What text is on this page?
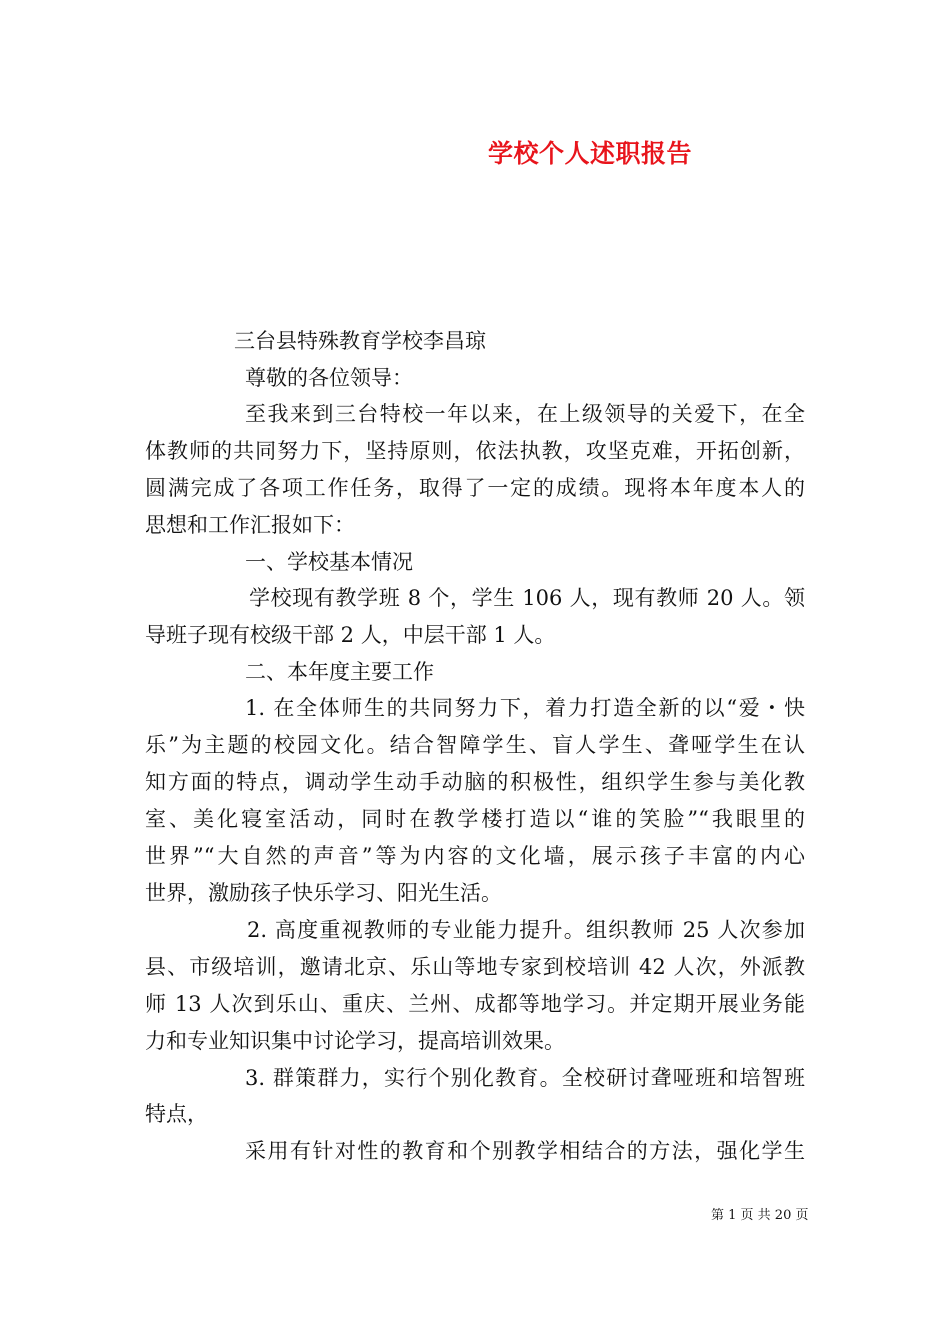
学校个人述职报告
三台县特殊教育学校李昌琼
尊敬的各位领导：
至我来到三台特校一年以来，在上级领导的关爱下，在全
体教师的共同努力下，坚持原则，依法执教，攻坚克难，开拓创新，
圆满完成了各项工作任务，取得了一定的成绩。现将本年度本人的
思想和工作汇报如下：
一、学校基本情况
学校现有教学班 8 个，学生 106 人，现有教师 20 人。领
导班子现有校级干部 2 人，中层干部 1 人。
二、本年度主要工作
1. 在全体师生的共同努力下，着力打造全新的以“爱・快
乐”为主题的校园文化。结合智障学生、盲人学生、聋哑学生在认
知方面的特点，调动学生动手动脑的积极性，组织学生参与美化教
室、美化寝室活动，同时在教学楼打造以“谁的笑脸”“我眼里的
世界”“大自然的声音”等为内容的文化墙，展示孩子丰富的内心
世界，激励孩子快乐学习、阳光生活。
2. 高度重视教师的专业能力提升。组织教师 25 人次参加
县、市级培训，邀请北京、乐山等地专家到校培训 42 人次，外派教
师 13 人次到乐山、重庆、兰州、成都等地学习。并定期开展业务能
力和专业知识集中讨论学习，提高培训效果。
3. 群策群力，实行个别化教育。全校研讨聋哑班和培智班
特点，
采用有针对性的教育和个别教学相结合的方法，强化学生
第 1 页 共 20 页
